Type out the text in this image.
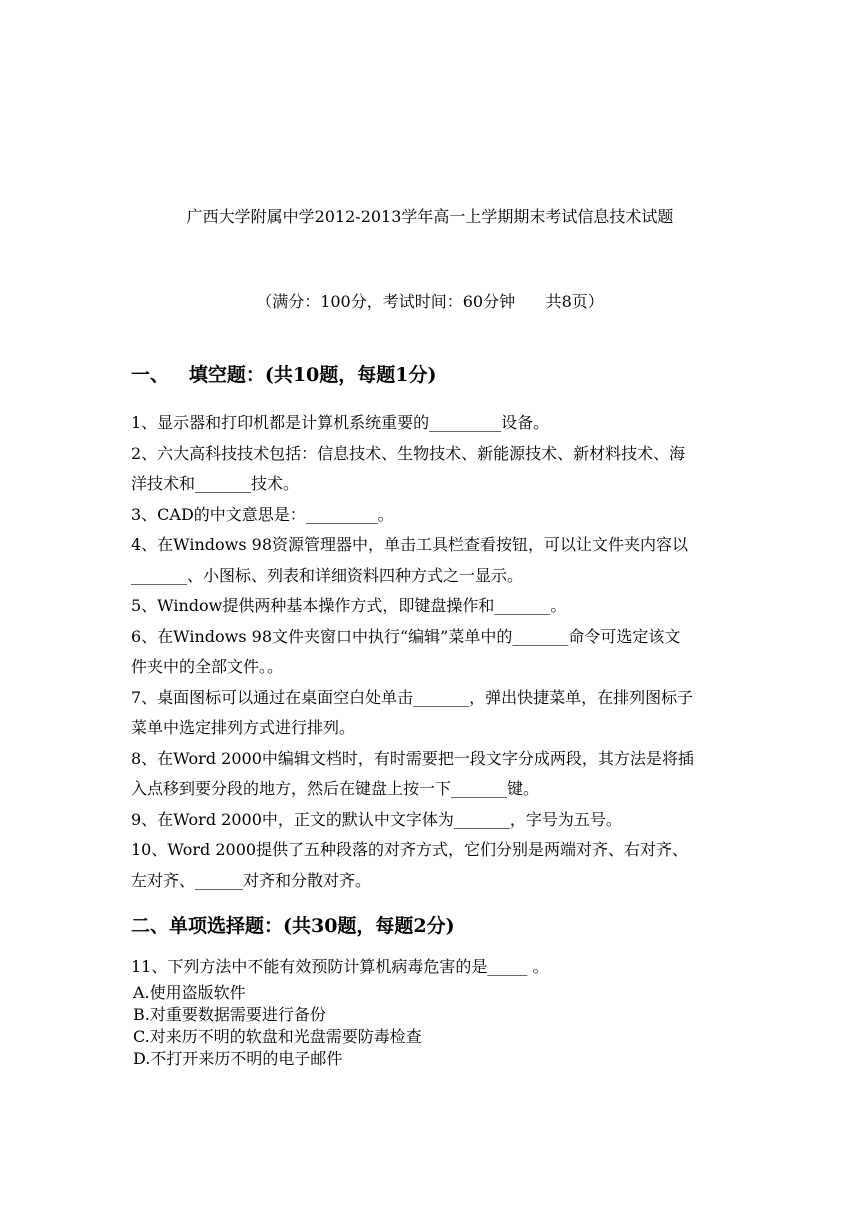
广西大学附属中学2012-2013学年高一上学期期末考试信息技术试题
（满分：100分，考试时间：60分钟      共8页）
一、   填空题：(共10题，每题1分)
1、显示器和打印机都是计算机系统重要的_________设备。
2、六大高科技技术包括：信息技术、生物技术、新能源技术、新材料技术、海
洋技术和_______技术。
3、CAD的中文意思是：_________。
4、在Windows 98资源管理器中，单击工具栏查看按钮，可以让文件夹内容以
_______、小图标、列表和详细资料四种方式之一显示。
5、Window提供两种基本操作方式，即键盘操作和_______。
6、在Windows 98文件夹窗口中执行“编辑”菜单中的_______命令可选定该文
件夹中的全部文件。。
7、桌面图标可以通过在桌面空白处单击_______，弹出快捷菜单，在排列图标子
菜单中选定排列方式进行排列。
8、在Word 2000中编辑文档时，有时需要把一段文字分成两段，其方法是将插
入点移到要分段的地方，然后在键盘上按一下_______键。
9、在Word 2000中，正文的默认中文字体为_______，字号为五号。
10、Word 2000提供了五种段落的对齐方式，它们分别是两端对齐、右对齐、
左对齐、______对齐和分散对齐。
二、单项选择题：(共30题，每题2分)
11、下列方法中不能有效预防计算机病毒危害的是_____ 。
A.使用盗版软件
B.对重要数据需要进行备份
C.对来历不明的软盘和光盘需要防毒检查
D.不打开来历不明的电子邮件
